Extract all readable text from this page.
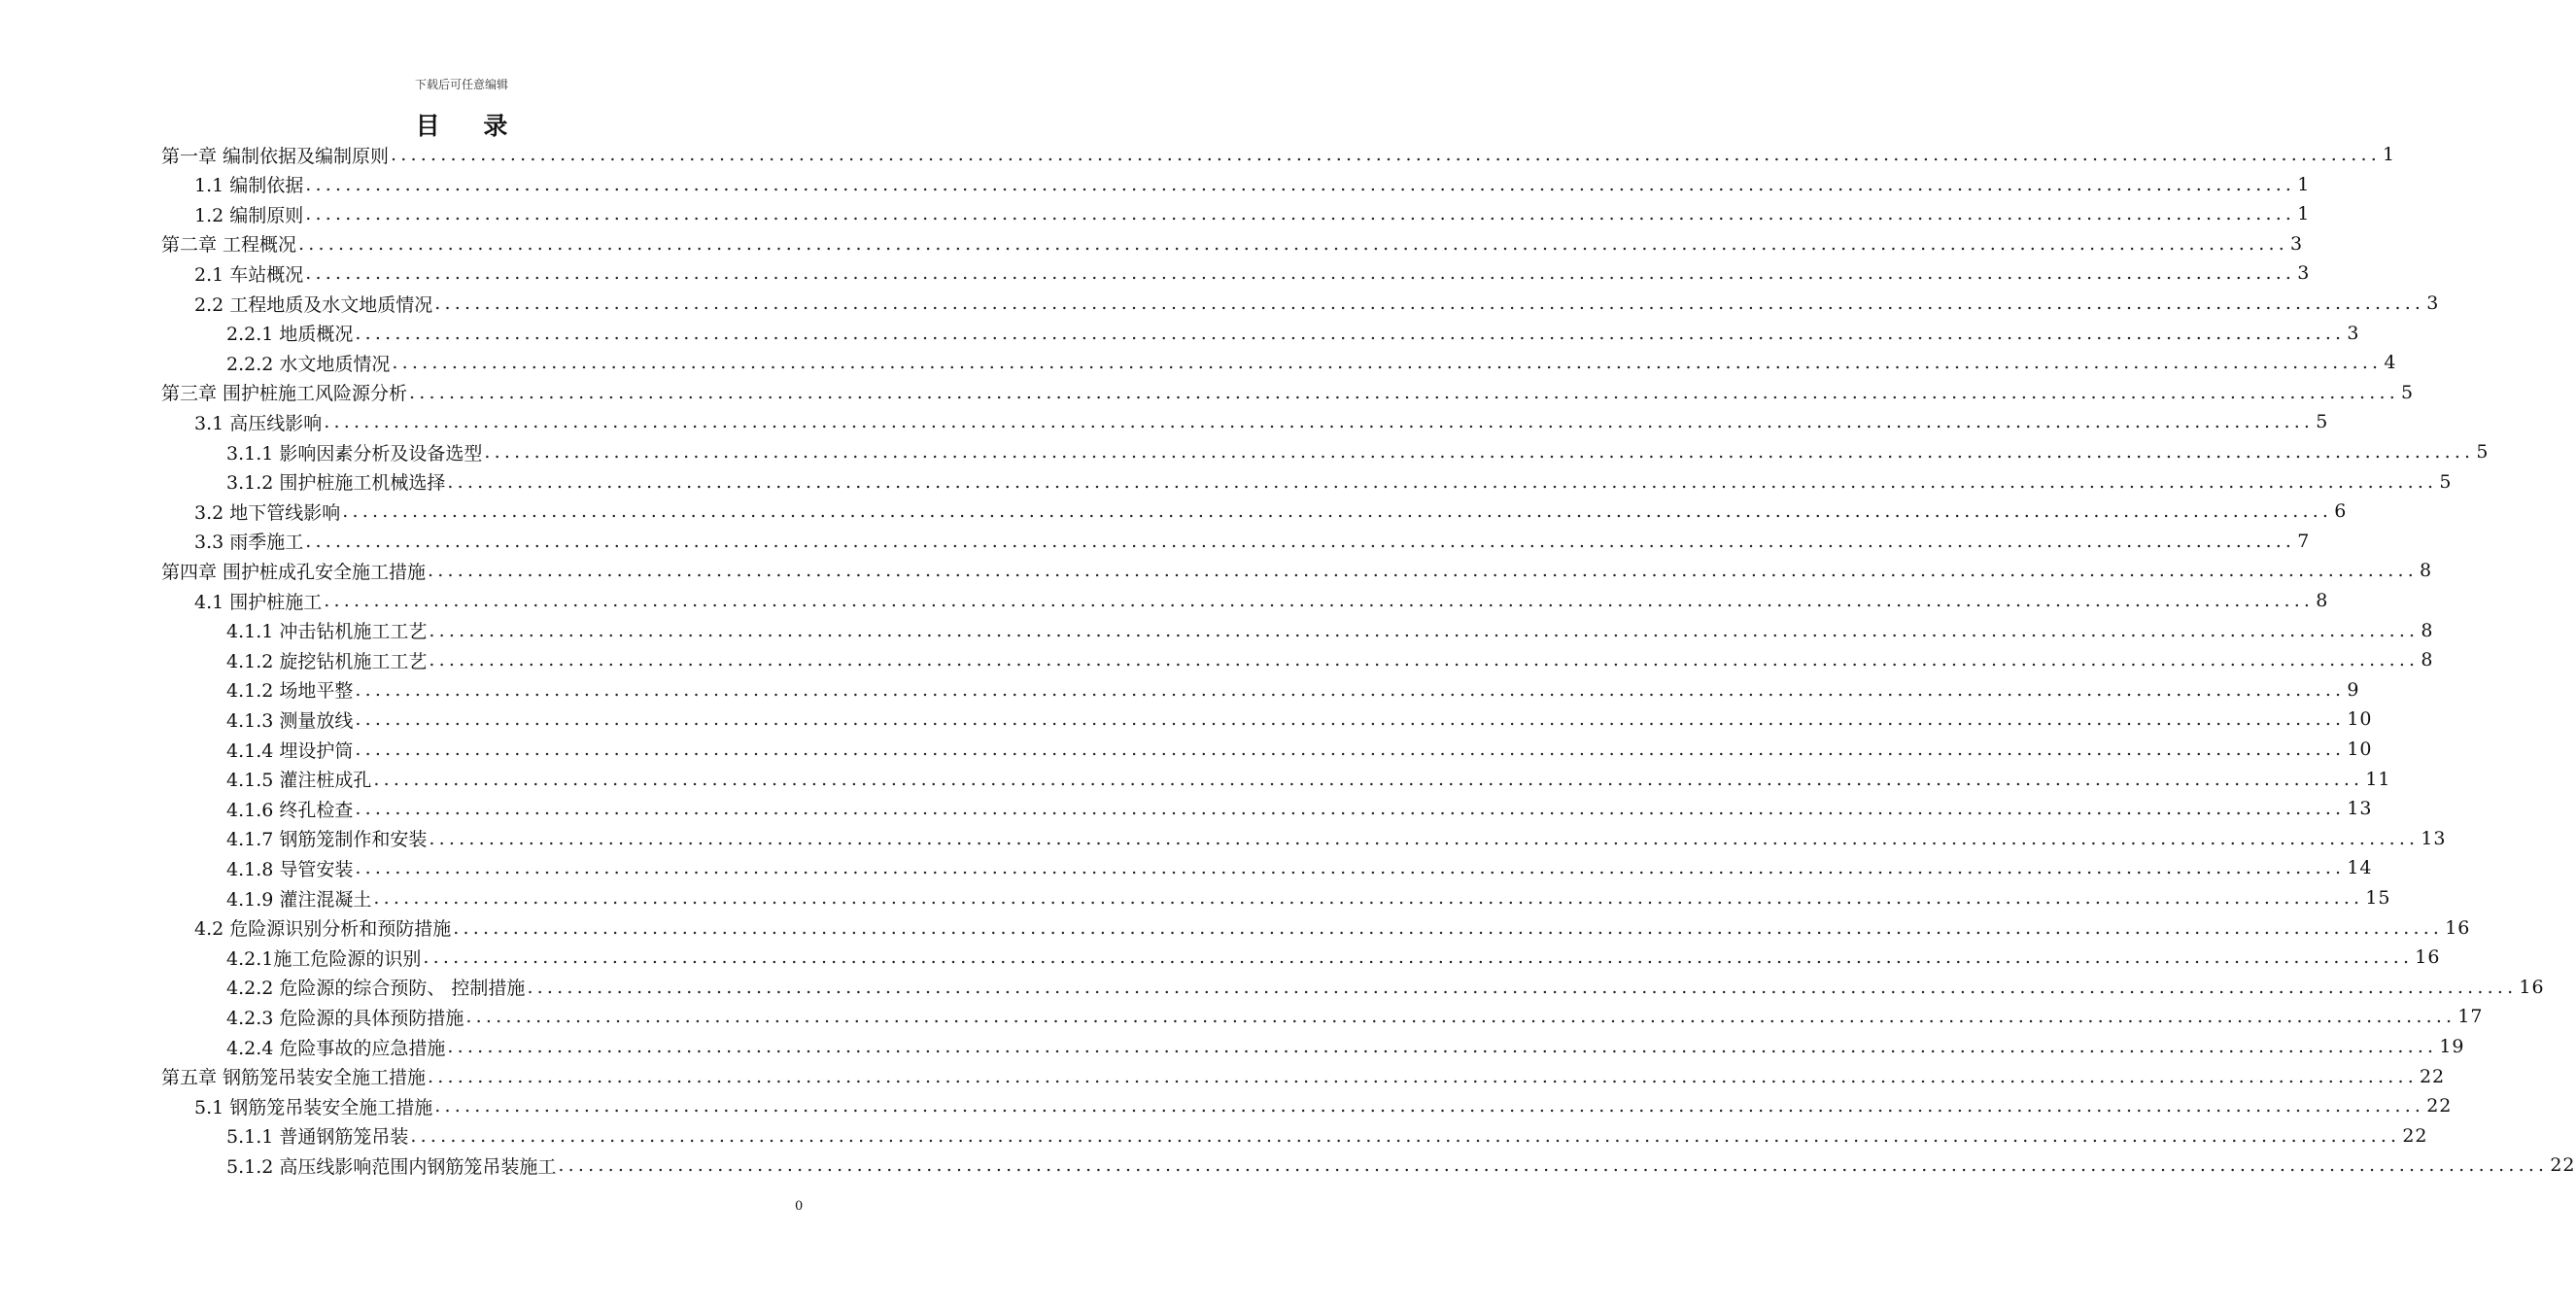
下载后可任意编辑
目 录
第一章 编制依据及编制原则 ........................................................................................................................................................................................................ 1
1.1 编制依据 ........................................................................................................................................................................................................ 1
1.2 编制原则 ........................................................................................................................................................................................................ 1
第二章 工程概况 ........................................................................................................................................................................................................ 3
2.1 车站概况 ........................................................................................................................................................................................................ 3
2.2 工程地质及水文地质情况 ........................................................................................................................................................................................................ 3
2.2.1 地质概况 ........................................................................................................................................................................................................ 3
2.2.2 水文地质情况 ........................................................................................................................................................................................................ 4
第三章 围护桩施工风险源分析 ........................................................................................................................................................................................................ 5
3.1 高压线影响 ........................................................................................................................................................................................................ 5
3.1.1 影响因素分析及设备选型 ........................................................................................................................................................................................................ 5
3.1.2 围护桩施工机械选择 ........................................................................................................................................................................................................ 5
3.2 地下管线影响 ........................................................................................................................................................................................................ 6
3.3 雨季施工 ........................................................................................................................................................................................................ 7
第四章 围护桩成孔安全施工措施 ........................................................................................................................................................................................................ 8
4.1 围护桩施工 ........................................................................................................................................................................................................ 8
4.1.1 冲击钻机施工工艺 ........................................................................................................................................................................................................ 8
4.1.2 旋挖钻机施工工艺 ........................................................................................................................................................................................................ 8
4.1.2 场地平整 ........................................................................................................................................................................................................ 9
4.1.3 测量放线 ........................................................................................................................................................................................................ 10
4.1.4 埋设护筒 ........................................................................................................................................................................................................ 10
4.1.5 灌注桩成孔 ........................................................................................................................................................................................................ 11
4.1.6 终孔检查 ........................................................................................................................................................................................................ 13
4.1.7 钢筋笼制作和安装 ........................................................................................................................................................................................................ 13
4.1.8 导管安装 ........................................................................................................................................................................................................ 14
4.1.9 灌注混凝土 ........................................................................................................................................................................................................ 15
4.2 危险源识别分析和预防措施 ........................................................................................................................................................................................................ 16
4.2.1施工危险源的识别 ........................................................................................................................................................................................................ 16
4.2.2 危险源的综合预防、 控制措施 ........................................................................................................................................................................................................ 16
4.2.3 危险源的具体预防措施 ........................................................................................................................................................................................................ 17
4.2.4 危险事故的应急措施 ........................................................................................................................................................................................................ 19
第五章 钢筋笼吊装安全施工措施 ........................................................................................................................................................................................................ 22
5.1 钢筋笼吊装安全施工措施 ........................................................................................................................................................................................................ 22
5.1.1 普通钢筋笼吊装 ........................................................................................................................................................................................................ 22
5.1.2 高压线影响范围内钢筋笼吊装施工 ........................................................................................................................................................................................................ 22
0
